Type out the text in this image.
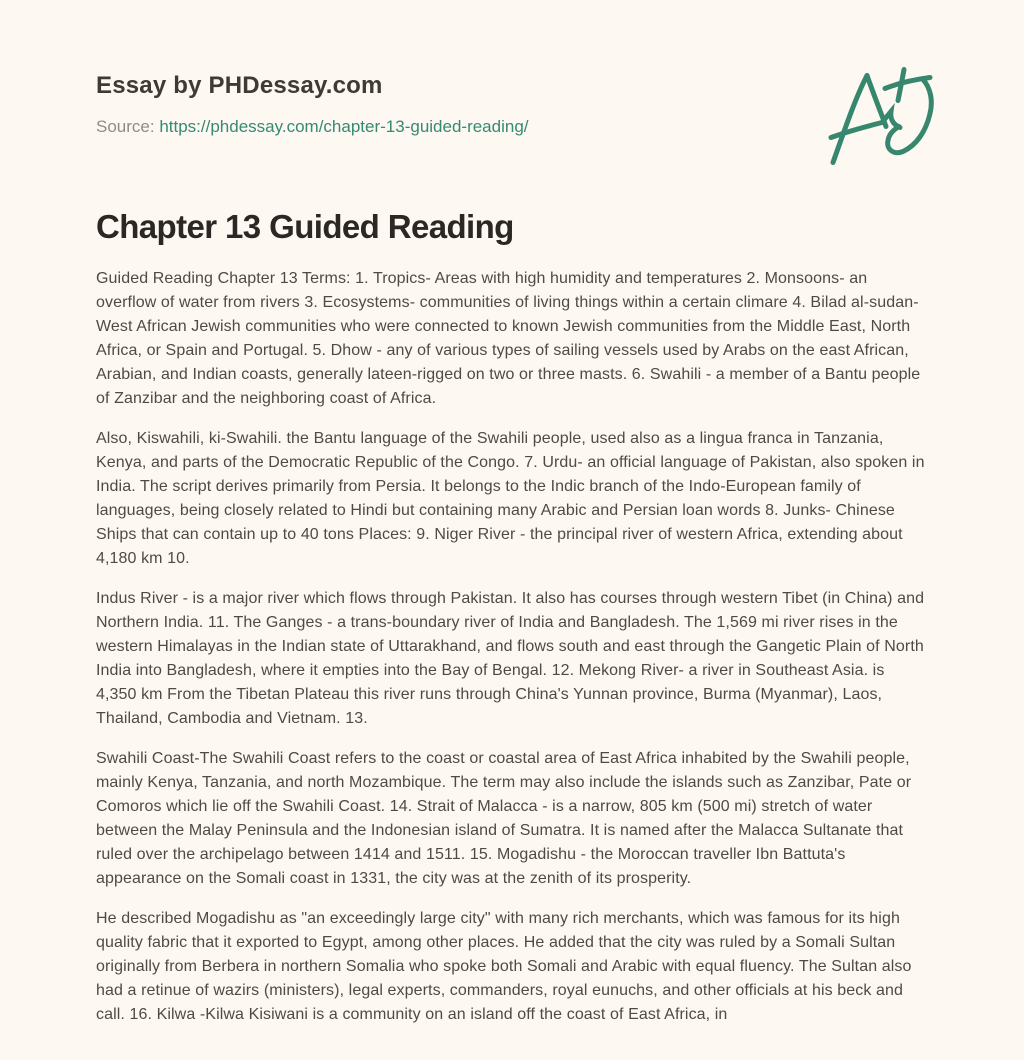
Essay by PHDessay.com
Source: https://phdessay.com/chapter-13-guided-reading/
Chapter 13 Guided Reading

Guided Reading Chapter 13 Terms: 1. Tropics- Areas with high humidity and temperatures 2. Monsoons- an overflow of water from rivers 3. Ecosystems- communities of living things within a certain climare 4. Bilad al-sudan- West African Jewish communities who were connected to known Jewish communities from the Middle East, North Africa, or Spain and Portugal. 5. Dhow - any of various types of sailing vessels used by Arabs on the east African, Arabian, and Indian coasts, generally lateen-rigged on two or three masts. 6. Swahili - a member of a Bantu people of Zanzibar and the neighboring coast of Africa.

Also, Kiswahili, ki-Swahili. the Bantu language of the Swahili people, used also as a lingua franca in Tanzania, Kenya, and parts of the Democratic Republic of the Congo. 7. Urdu- an official language of Pakistan, also spoken in India. The script derives primarily from Persia. It belongs to the Indic branch of the Indo-European family of languages, being closely related to Hindi but containing many Arabic and Persian loan words 8. Junks- Chinese Ships that can contain up to 40 tons Places: 9. Niger River - the principal river of western Africa, extending about 4,180 km 10.

Indus River - is a major river which flows through Pakistan. It also has courses through western Tibet (in China) and Northern India. 11. The Ganges - a trans-boundary river of India and Bangladesh. The 1,569 mi river rises in the western Himalayas in the Indian state of Uttarakhand, and flows south and east through the Gangetic Plain of North India into Bangladesh, where it empties into the Bay of Bengal. 12. Mekong River- a river in Southeast Asia. is 4,350 km From the Tibetan Plateau this river runs through China's Yunnan province, Burma (Myanmar), Laos, Thailand, Cambodia and Vietnam. 13.

Swahili Coast-The Swahili Coast refers to the coast or coastal area of East Africa inhabited by the Swahili people, mainly Kenya, Tanzania, and north Mozambique. The term may also include the islands such as Zanzibar, Pate or Comoros which lie off the Swahili Coast. 14. Strait of Malacca - is a narrow, 805 km (500 mi) stretch of water between the Malay Peninsula and the Indonesian island of Sumatra. It is named after the Malacca Sultanate that ruled over the archipelago between 1414 and 1511. 15. Mogadishu - the Moroccan traveller Ibn Battuta's appearance on the Somali coast in 1331, the city was at the zenith of its prosperity.

He described Mogadishu as "an exceedingly large city" with many rich merchants, which was famous for its high quality fabric that it exported to Egypt, among other places. He added that the city was ruled by a Somali Sultan originally from Berbera in northern Somalia who spoke both Somali and Arabic with equal fluency. The Sultan also had a retinue of wazirs (ministers), legal experts, commanders, royal eunuchs, and other officials at his beck and call. 16. Kilwa -Kilwa Kisiwani is a community on an island off the coast of East Africa, in
